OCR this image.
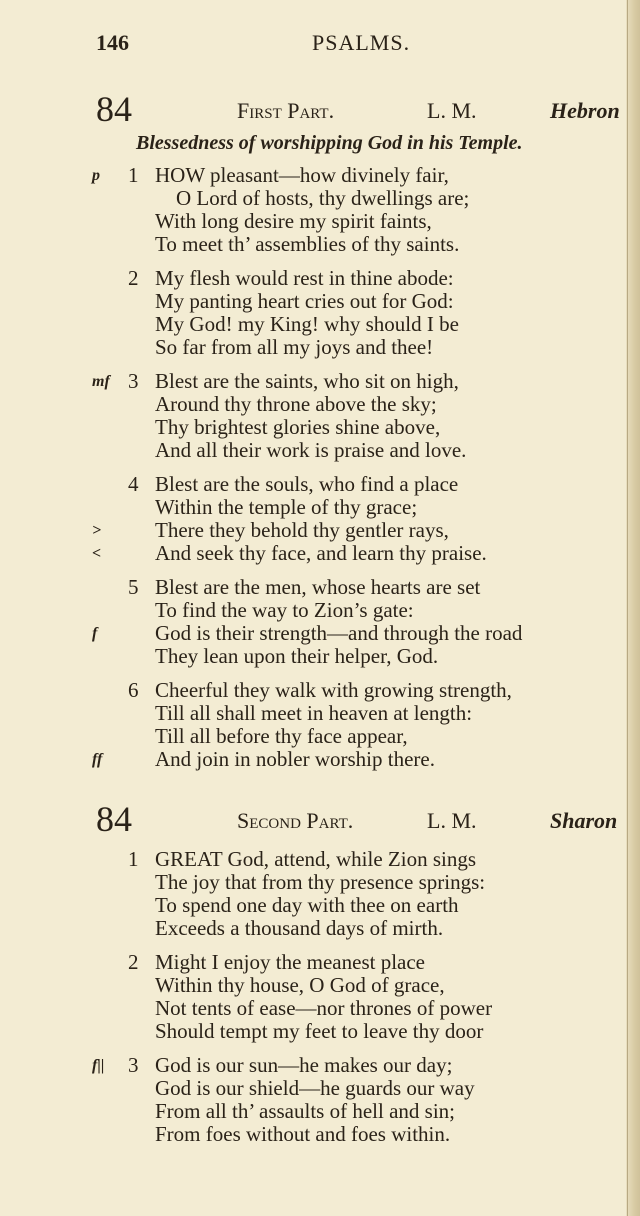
146	PSALMS.
84	First Part.	L. M.	Hebron
Blessedness of worshipping God in his Temple.
1
p	HOW pleasant—how divinely fair,
O Lord of hosts, thy dwellings are;
With long desire my spirit faints,
To meet th’ assemblies of thy saints.
2 My flesh would rest in thine abode:
My panting heart cries out for God:
My God! my King! why should I be
So far from all my joys and thee!
3
mf Blest are the saints, who sit on high,
Around thy throne above the sky;
Thy brightest glories shine above,
And all their work is praise and love.
4 Blest are the souls, who find a place
Within the temple of thy grace;
>	There they behold thy gentler rays,
<	And seek thy face, and learn thy praise.
5 Blest are the men, whose hearts are set
To find the way to Zion’s gate:
f	God is their strength—and through the road
They lean upon their helper, God.
6 Cheerful they walk with growing strength,
Till all shall meet in heaven at length:
Till all before thy face appear,
ff	And join in nobler worship there.
84	Second Part.	L. M.	Sharon
1 GREAT God, attend, while Zion sings
The joy that from thy presence springs:
To spend one day with thee on earth
Exceeds a thousand days of mirth.
2 Might I enjoy the meanest place
Within thy house, O God of grace,
Not tents of ease—nor thrones of power
Should tempt my feet to leave thy door
3
f|| God is our sun—he makes our day;
God is our shield—he guards our way
From all th’ assaults of hell and sin;
From foes without and foes within.
